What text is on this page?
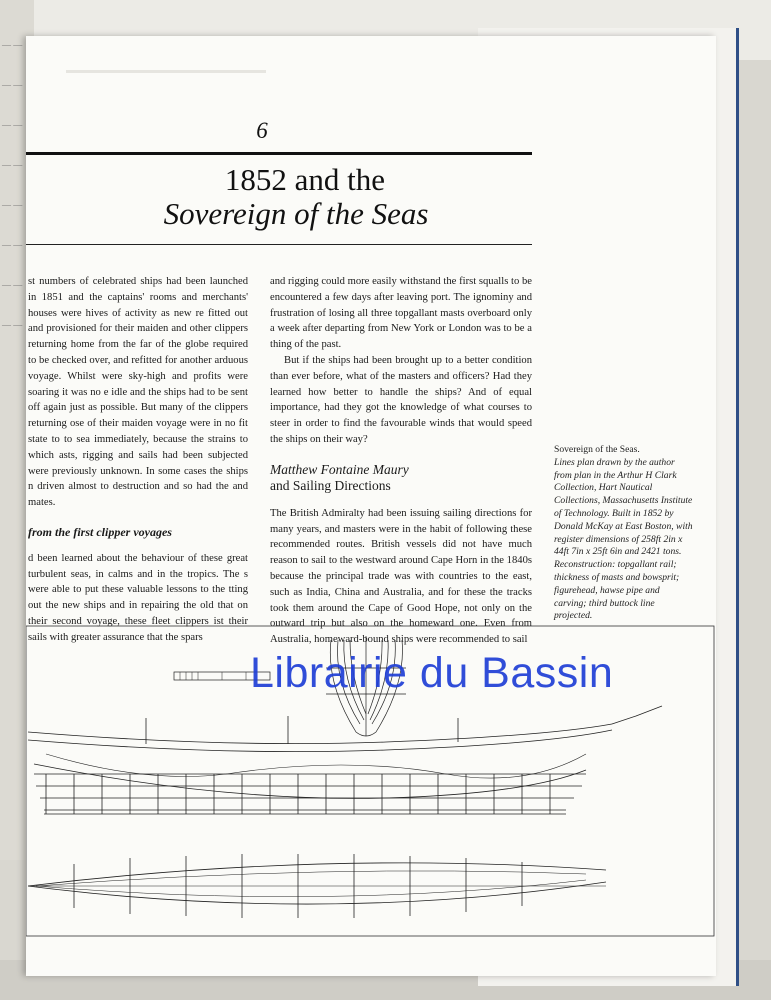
— —
— —
— —
— —
— —
— —
— —
— —
6
1852 and the
Sovereign of the Seas

st numbers of celebrated ships had been launched in 1851 and the captains' rooms and merchants' houses were hives of activity as new re fitted out and provisioned for their maiden and other clippers returning home from the far of the globe required to be checked over, and refitted for another arduous voyage. Whilst were sky-high and profits were soaring it was no e idle and the ships had to be sent off again just as possible. But many of the clippers returning ose of their maiden voyage were in no fit state to to sea immediately, because the strains to which asts, rigging and sails had been subjected were previously unknown. In some cases the ships n driven almost to destruction and so had the and mates.

from the first clipper voyages

d been learned about the behaviour of these great turbulent seas, in calms and in the tropics. The s were able to put these valuable lessons to the tting out the new ships and in repairing the old that on their second voyage, these fleet clippers ist their sails with greater assurance that the spars

and rigging could more easily withstand the first squalls to be encountered a few days after leaving port. The ignominy and frustration of losing all three topgallant masts overboard only a week after departing from New York or London was to be a thing of the past.

But if the ships had been brought up to a better condition than ever before, what of the masters and officers? Had they learned how better to handle the ships? And of equal importance, had they got the knowledge of what courses to steer in order to find the favourable winds that would speed the ships on their way?

Matthew Fontaine Maury

and Sailing Directions

The British Admiralty had been issuing sailing directions for many years, and masters were in the habit of following these recommended routes. British vessels did not have much reason to sail to the westward around Cape Horn in the 1840s because the principal trade was with countries to the east, such as India, China and Australia, and for these the tracks took them around the Cape of Good Hope, not only on the outward trip but also on the homeward one. Even from Australia, homeward-bound ships were recommended to sail

Sovereign of the Seas.
Lines plan drawn by the author from plan in the Arthur H Clark Collection, Hart Nautical Collections, Massachusetts Institute of Technology. Built in 1852 by Donald McKay at East Boston, with register dimensions of 258ft 2in x 44ft 7in x 25ft 6in and 2421 tons. Reconstruction: topgallant rail; thickness of masts and bowsprit; figurehead, hawse pipe and carving; third buttock line projected.
Librairie du Bassin
